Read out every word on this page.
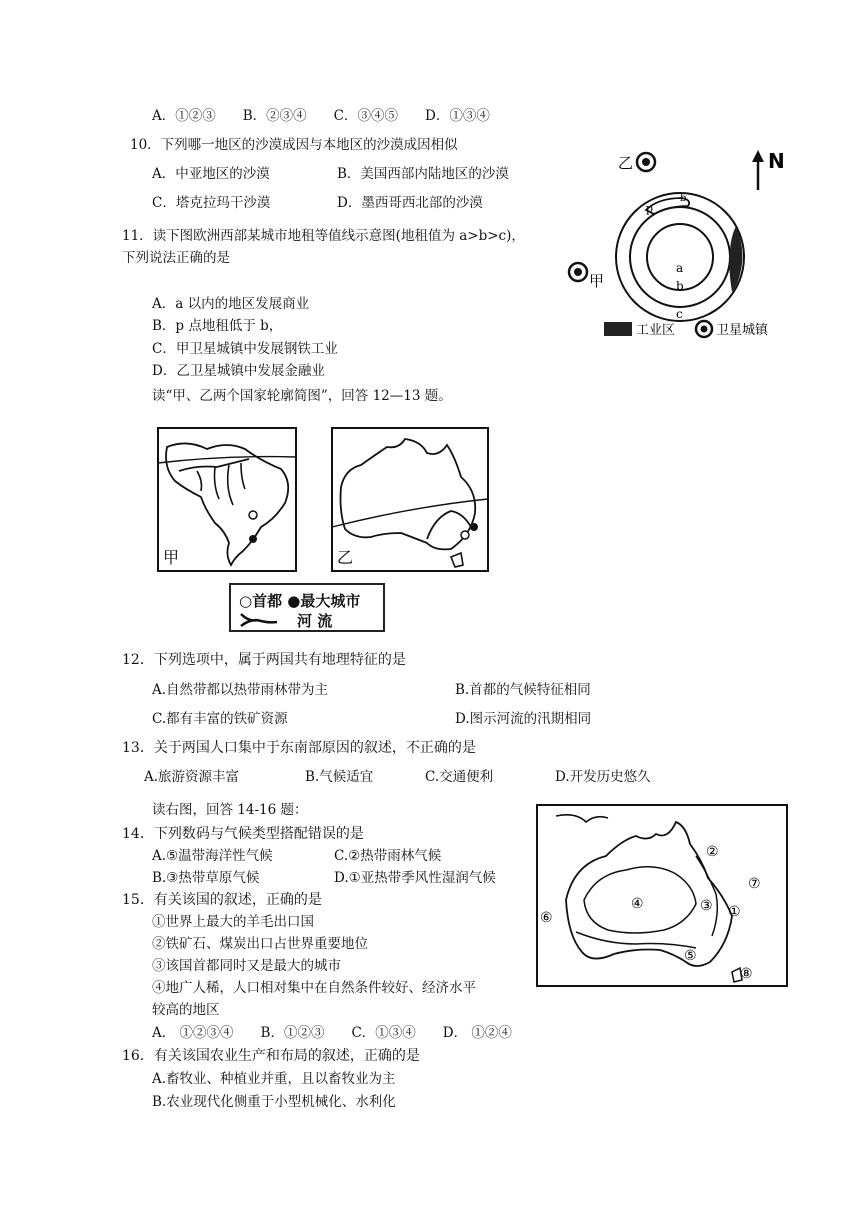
A．①②③　　B．②③④　　C．③④⑤　　D．①③④
10．下列哪一地区的沙漠成因与本地区的沙漠成因相似
A．中亚地区的沙漠	B．美国西部内陆地区的沙漠
C．塔克拉玛干沙漠	D．墨西哥西北部的沙漠
11．读下图欧洲西部某城市地租等值线示意图(地租值为 a>b>c)，
下列说法正确的是
A．a 以内的地区发展商业
B．p 点地租低于 b，
C．甲卫星城镇中发展钢铁工业
D．乙卫星城镇中发展金融业
N
乙
p
b
a
b
c
甲
工业区	卫星城镇
读“甲、乙两个国家轮廓简图”，回答 12—13 题。
甲	乙
○首都 ●最大城市
河 流
12．下列选项中，属于两国共有地理特征的是
A.自然带都以热带雨林带为主	B.首都的气候特征相同
C.都有丰富的铁矿资源	D.图示河流的汛期相同
13．关于两国人口集中于东南部原因的叙述，不正确的是
A.旅游资源丰富	B.气候适宜	C.交通便利	D.开发历史悠久
读右图，回答 14-16 题：
14．下列数码与气候类型搭配错误的是
A.⑤温带海洋性气候	C.②热带雨林气候
B.③热带草原气候	D.①亚热带季风性湿润气候
④
②
③ ①
⑦
⑥
⑤
⑧
15．有关该国的叙述，正确的是
①世界上最大的羊毛出口国
②铁矿石、煤炭出口占世界重要地位
③该国首都同时又是最大的城市
④地广人稀，人口相对集中在自然条件较好、经济水平
较高的地区
A． ①②③④　　B．①②③　　C．①③④　　D． ①②④
16．有关该国农业生产和布局的叙述，正确的是
A.畜牧业、种植业并重，且以畜牧业为主
B.农业现代化侧重于小型机械化、水利化
